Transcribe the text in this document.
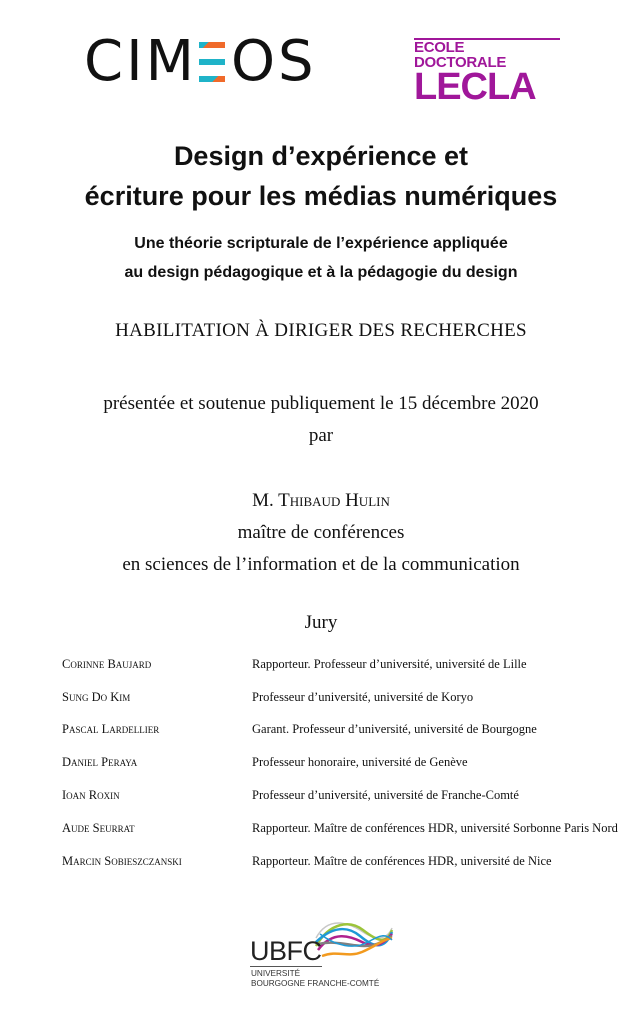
CIM OS	ECOLE DOCTORALE
LECLA
Design d’expérience et
écriture pour les médias numériques
Une théorie scripturale de l’expérience appliquée
au design pédagogique et à la pédagogie du design
HABILITATION À DIRIGER DES RECHERCHES
présentée et soutenue publiquement le 15 décembre 2020
par
M. Thibaud Hulin
maître de conférences
en sciences de l’information et de la communication
Jury
Corinne Baujard	Rapporteur. Professeur d’université, université de Lille
Sung Do Kim	Professeur d’université, université de Koryo
Pascal Lardellier	Garant. Professeur d’université, université de Bourgogne
Daniel Peraya	Professeur honoraire, université de Genève
Ioan Roxin	Professeur d’université, université de Franche-Comté
Aude Seurrat	Rapporteur. Maître de conférences HDR, université Sorbonne Paris Nord
Marcin Sobieszczanski	Rapporteur. Maître de conférences HDR, université de Nice
UBFC
UNIVERSITÉ
BOURGOGNE FRANCHE-COMTÉ
